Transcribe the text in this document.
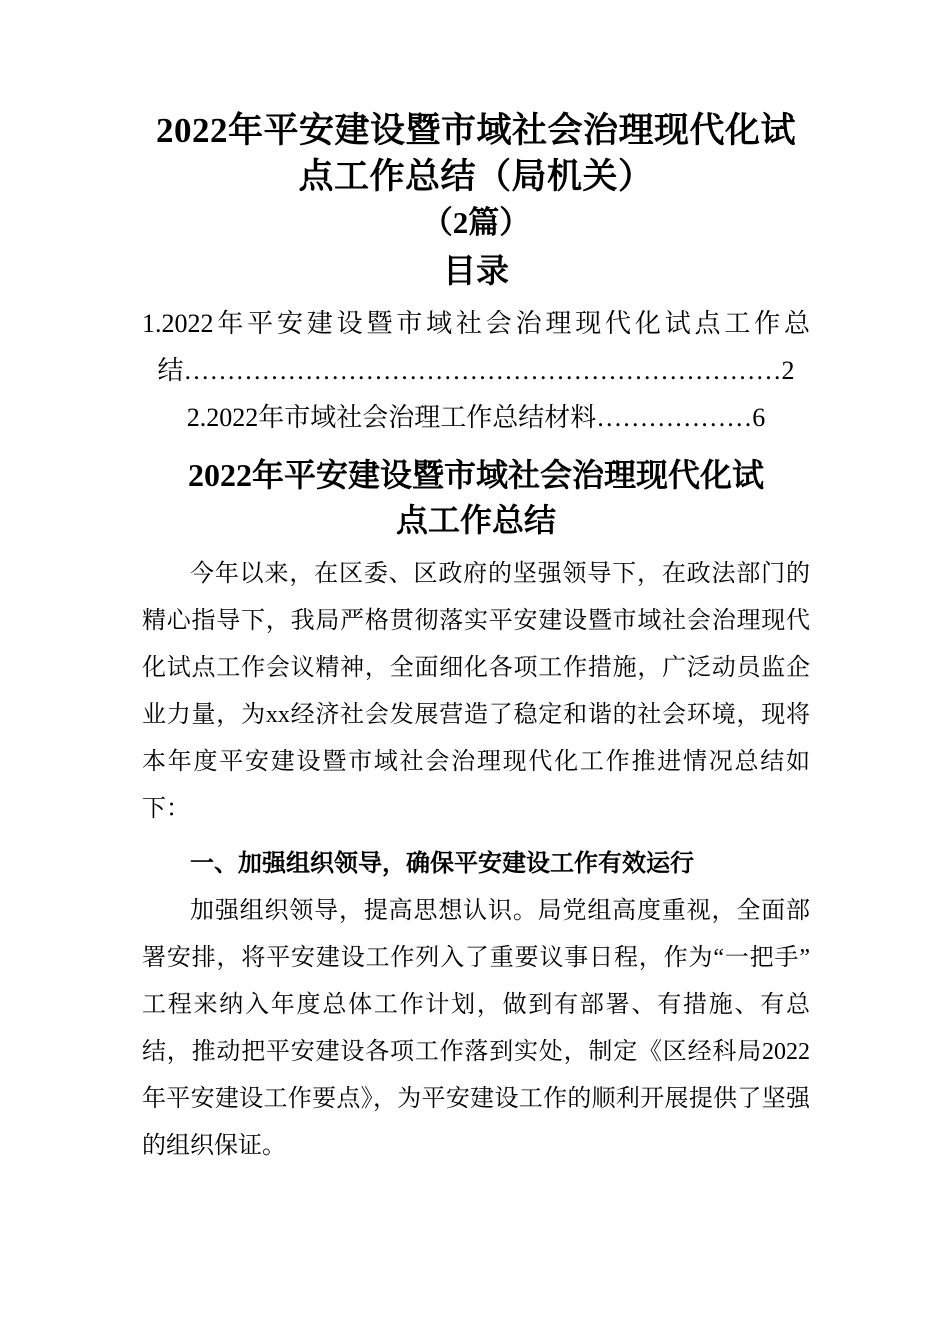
2022年平安建设暨市域社会治理现代化试
点工作总结（局机关）
（2篇）
目录
1.2022年平安建设暨市域社会治理现代化试点工作总
结……………………………………………………………2
2.2022年市域社会治理工作总结材料………………6
2022年平安建设暨市域社会治理现代化试
点工作总结

今年以来，在区委、区政府的坚强领导下，在政法部门的精心指导下，我局严格贯彻落实平安建设暨市域社会治理现代化试点工作会议精神，全面细化各项工作措施，广泛动员监企业力量，为xx经济社会发展营造了稳定和谐的社会环境，现将本年度平安建设暨市域社会治理现代化工作推进情况总结如下：

一、加强组织领导，确保平安建设工作有效运行

加强组织领导，提高思想认识。局党组高度重视，全面部署安排，将平安建设工作列入了重要议事日程，作为“一把手”工程来纳入年度总体工作计划，做到有部署、有措施、有总结，推动把平安建设各项工作落到实处，制定《区经科局2022年平安建设工作要点》，为平安建设工作的顺利开展提供了坚强的组织保证。
